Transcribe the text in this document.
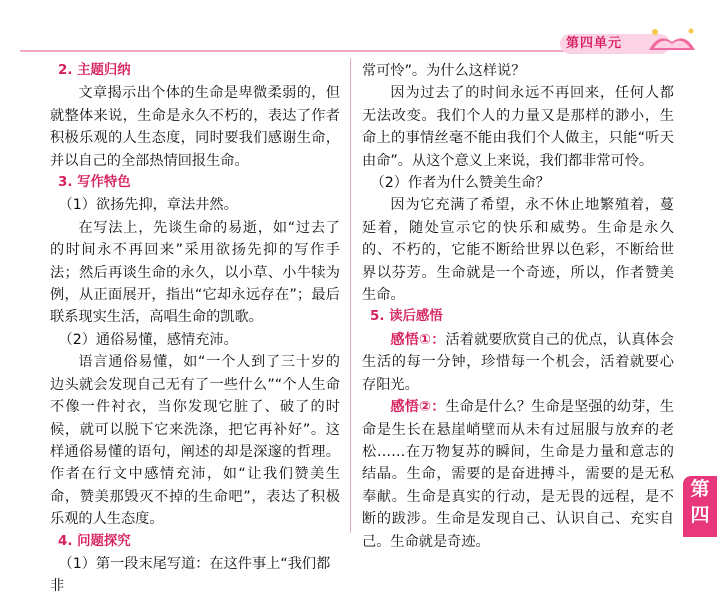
第四单元

2. 主题归纳

文章揭示出个体的生命是卑微柔弱的，但就整体来说，生命是永久不朽的，表达了作者积极乐观的人生态度，同时要我们感谢生命，并以自己的全部热情回报生命。

3. 写作特色

（1）欲扬先抑，章法井然。

在写法上，先谈生命的易逝，如“过去了的时间永不再回来”采用欲扬先抑的写作手法；然后再谈生命的永久，以小草、小牛犊为例，从正面展开，指出“它却永远存在”；最后联系现实生活，高唱生命的凯歌。

（2）通俗易懂，感情充沛。

语言通俗易懂，如“一个人到了三十岁的边头就会发现自己无有了一些什么”“个人生命不像一件衬衣，当你发现它脏了、破了的时候，就可以脱下它来洗涤，把它再补好”。这样通俗易懂的语句，阐述的却是深邃的哲理。作者在行文中感情充沛，如“让我们赞美生命，赞美那毁灭不掉的生命吧”，表达了积极乐观的人生态度。

4. 问题探究

（1）第一段末尾写道：在这件事上“我们都非

常可怜”。为什么这样说？

因为过去了的时间永远不再回来，任何人都无法改变。我们个人的力量又是那样的渺小，生命上的事情丝毫不能由我们个人做主，只能“听天由命”。从这个意义上来说，我们都非常可怜。

（2）作者为什么赞美生命？

因为它充满了希望，永不休止地繁殖着，蔓延着，随处宣示它的快乐和威势。生命是永久的、不朽的，它能不断给世界以色彩，不断给世界以芬芳。生命就是一个奇迹，所以，作者赞美生命。

5. 读后感悟

感悟①：活着就要欣赏自己的优点，认真体会生活的每一分钟，珍惜每一个机会，活着就要心存阳光。

感悟②：生命是什么？生命是坚强的幼芽，生命是生长在悬崖峭壁而从未有过屈服与放弃的老松……在万物复苏的瞬间，生命是力量和意志的结晶。生命，需要的是奋进搏斗，需要的是无私奉献。生命是真实的行动，是无畏的远程，是不断的跋涉。生命是发现自己、认识自己、充实自己。生命就是奇迹。

第
四
